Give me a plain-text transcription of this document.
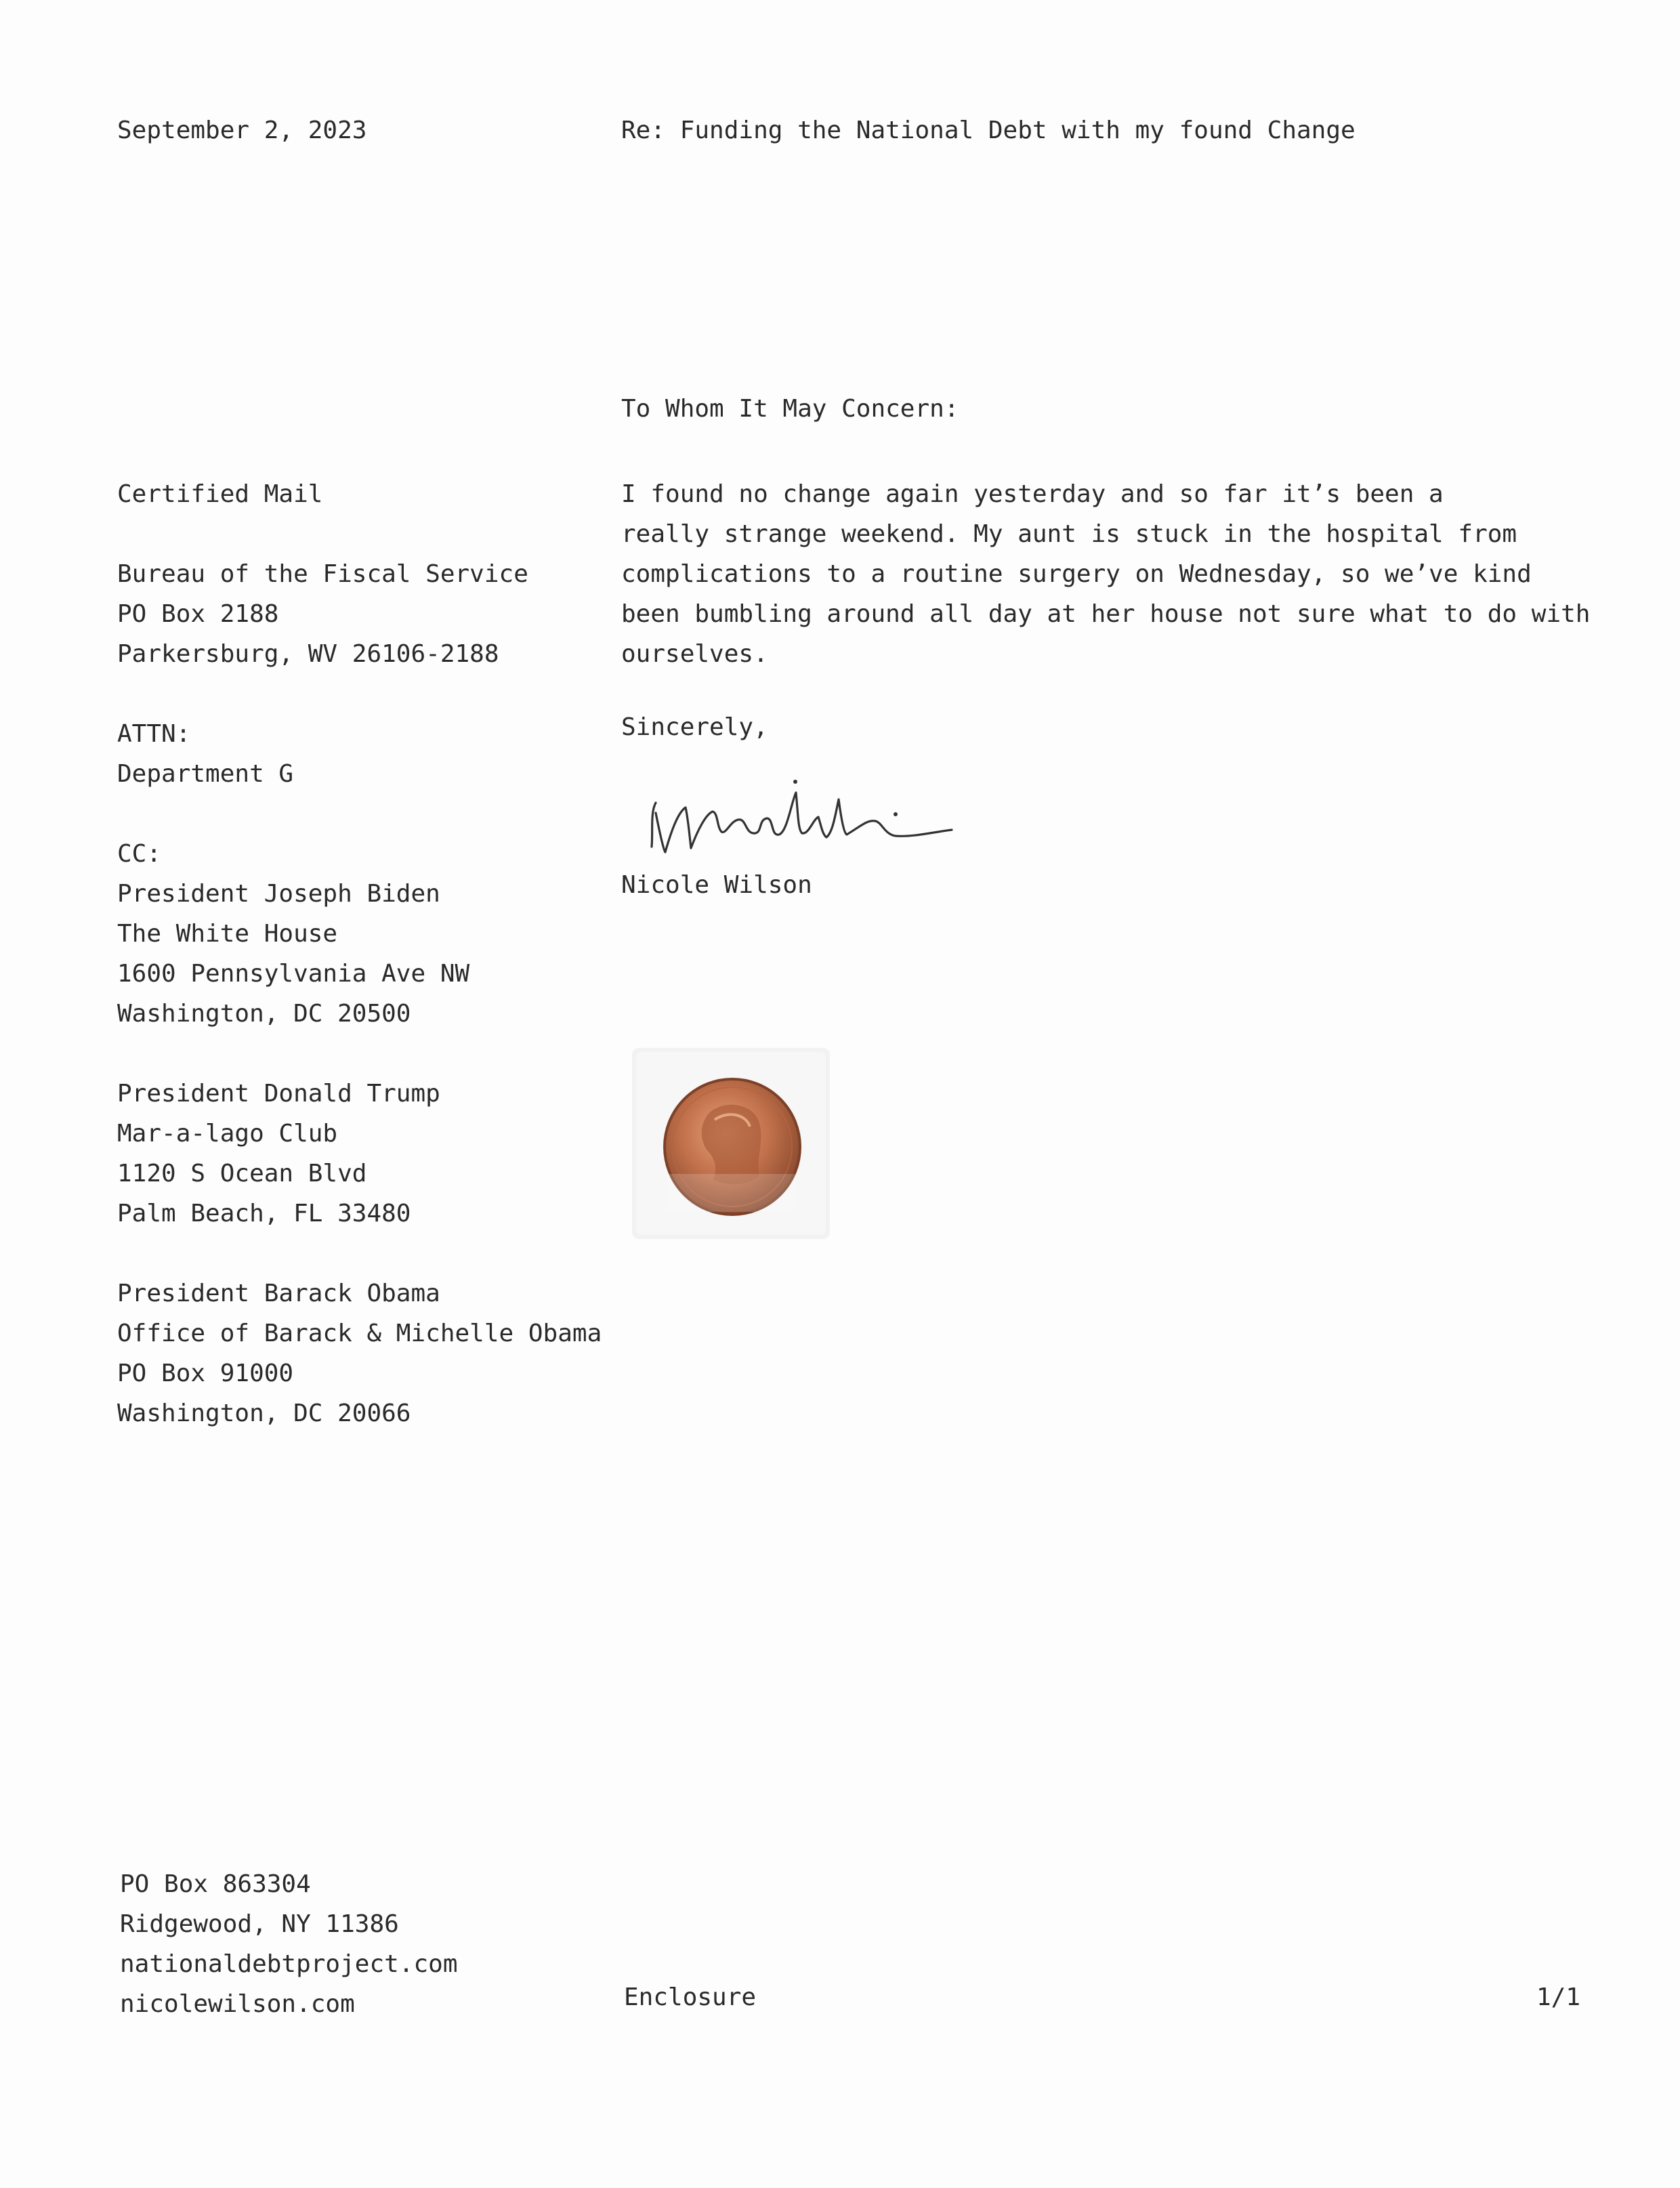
September 2, 2023	Re: Funding the National Debt with my found Change
To Whom It May Concern:
Certified Mail
Bureau of the Fiscal Service
PO Box 2188
Parkersburg, WV 26106-2188
ATTN:
Department G
CC:
President Joseph Biden
The White House
1600 Pennsylvania Ave NW
Washington, DC 20500
President Donald Trump
Mar-a-lago Club
1120 S Ocean Blvd
Palm Beach, FL 33480
President Barack Obama
Office of Barack & Michelle Obama
PO Box 91000
Washington, DC 20066
I found no change again yesterday and so far it’s been a
really strange weekend. My aunt is stuck in the hospital from
complications to a routine surgery on Wednesday, so we’ve kind
been bumbling around all day at her house not sure what to do with
ourselves.
Sincerely,
Nicole Wilson
PO Box 863304
Ridgewood, NY 11386
nationaldebtproject.com
nicolewilson.com	Enclosure	1/1
